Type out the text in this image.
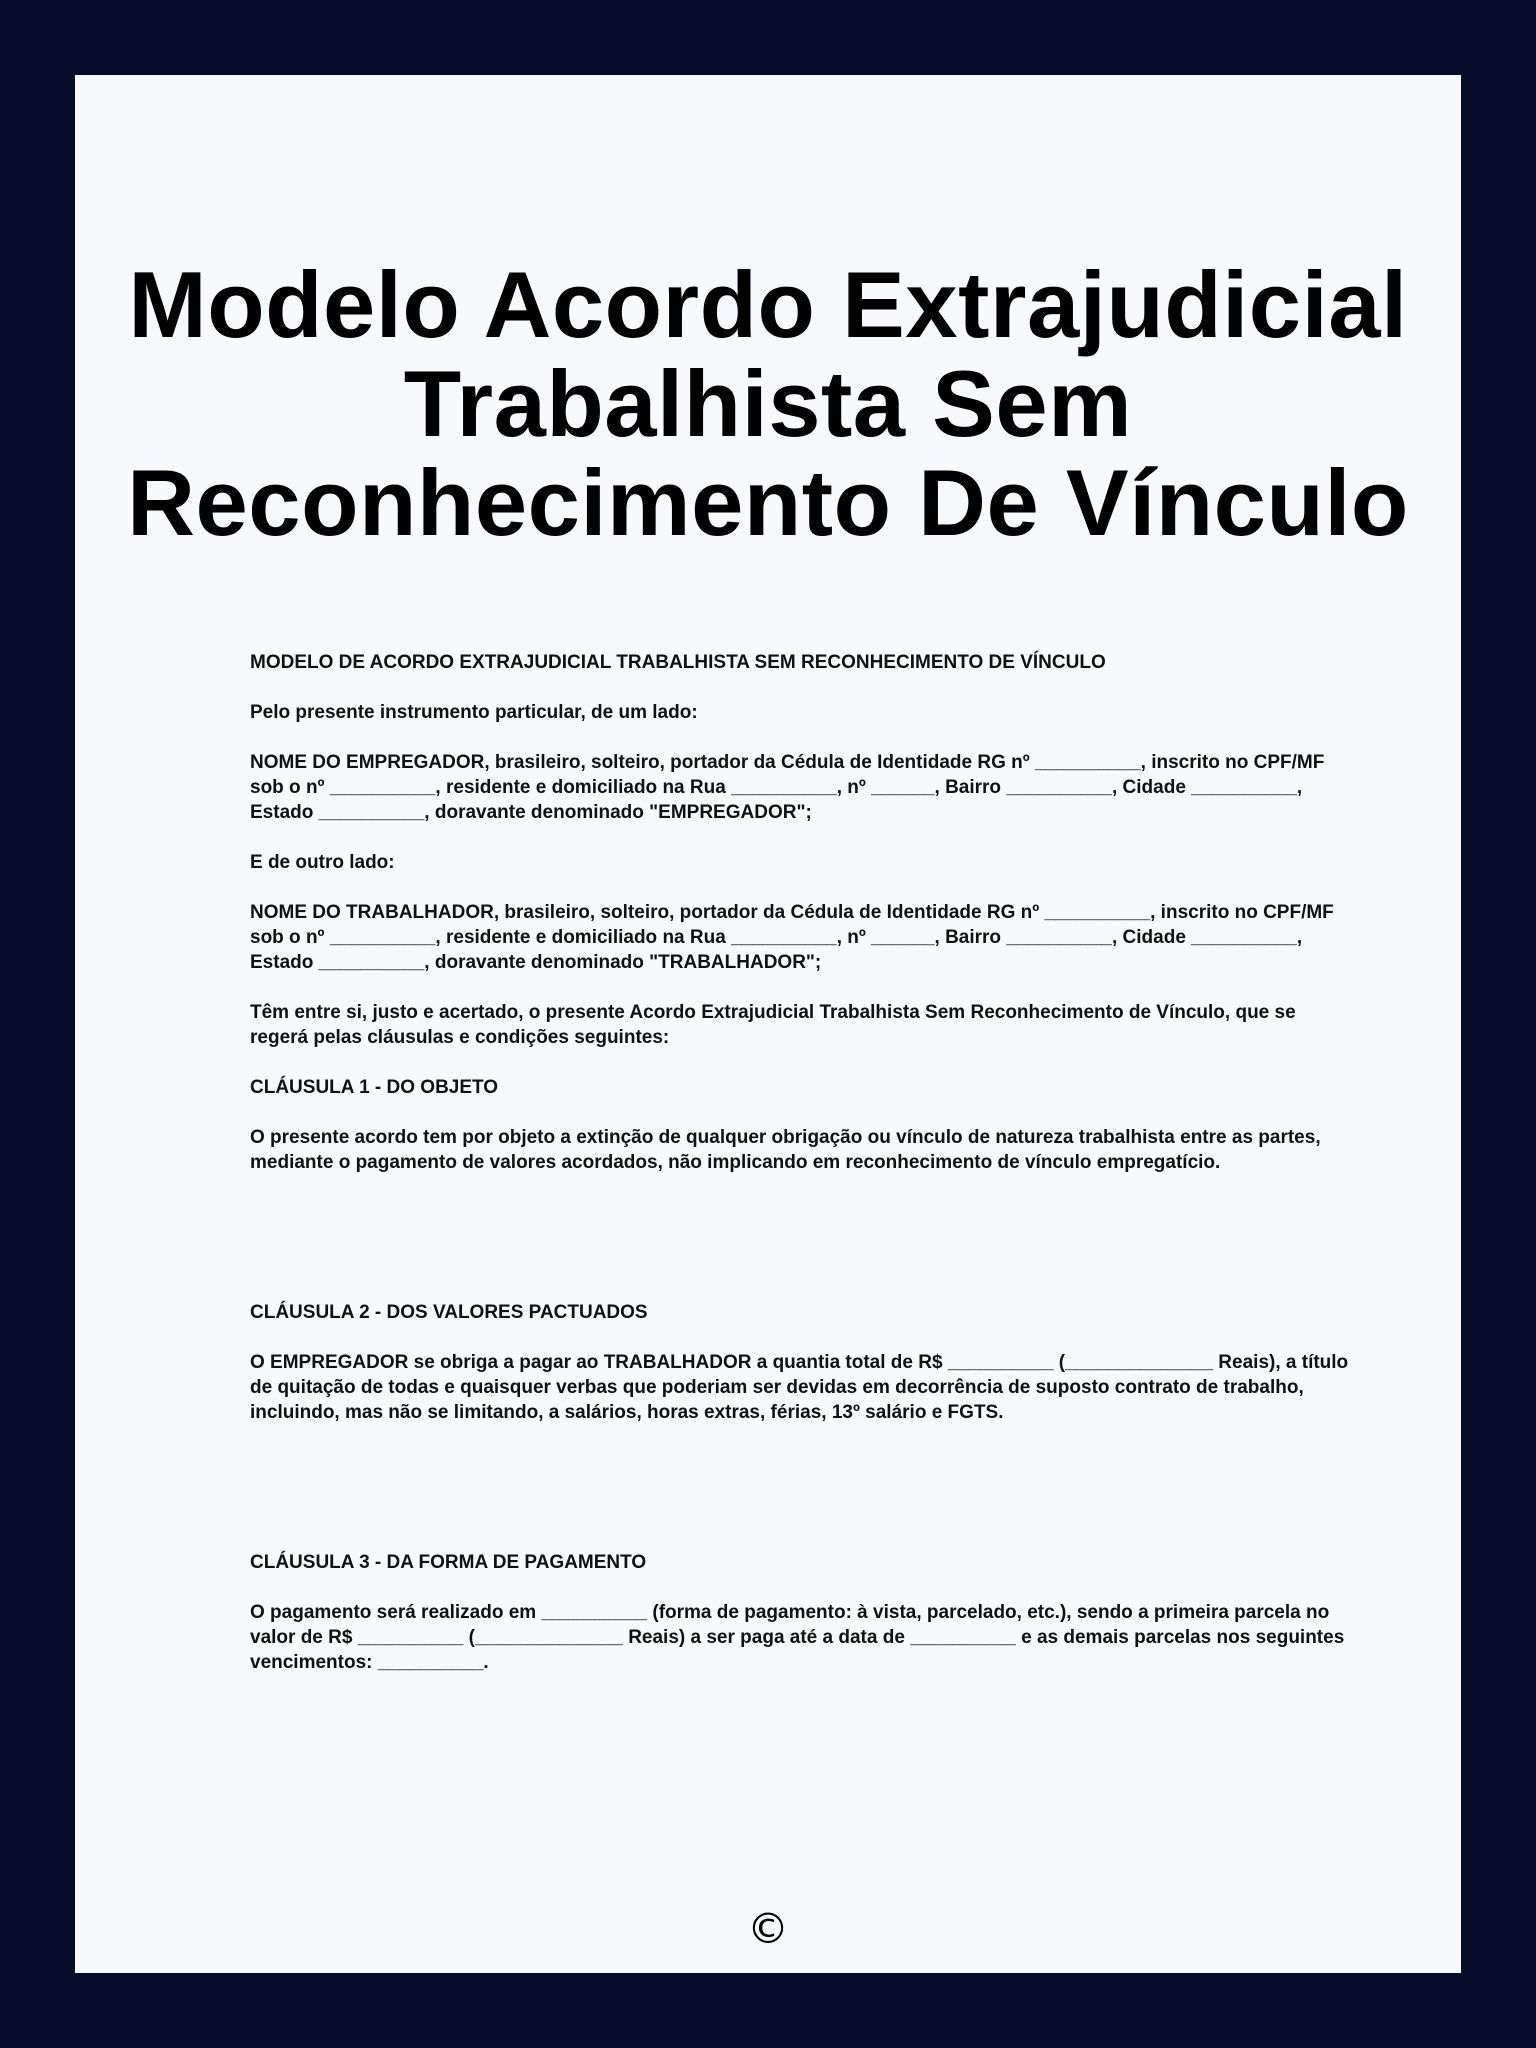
Modelo Acordo Extrajudicial Trabalhista Sem Reconhecimento De Vínculo

MODELO DE ACORDO EXTRAJUDICIAL TRABALHISTA SEM RECONHECIMENTO DE VÍNCULO

Pelo presente instrumento particular, de um lado:

NOME DO EMPREGADOR, brasileiro, solteiro, portador da Cédula de Identidade RG nº __________, inscrito no CPF/MF sob o nº __________, residente e domiciliado na Rua __________, nº ______, Bairro __________, Cidade __________, Estado __________, doravante denominado "EMPREGADOR";

E de outro lado:

NOME DO TRABALHADOR, brasileiro, solteiro, portador da Cédula de Identidade RG nº __________, inscrito no CPF/MF sob o nº __________, residente e domiciliado na Rua __________, nº ______, Bairro __________, Cidade __________, Estado __________, doravante denominado "TRABALHADOR";

Têm entre si, justo e acertado, o presente Acordo Extrajudicial Trabalhista Sem Reconhecimento de Vínculo, que se regerá pelas cláusulas e condições seguintes:

CLÁUSULA 1 - DO OBJETO

O presente acordo tem por objeto a extinção de qualquer obrigação ou vínculo de natureza trabalhista entre as partes, mediante o pagamento de valores acordados, não implicando em reconhecimento de vínculo empregatício.

CLÁUSULA 2 - DOS VALORES PACTUADOS

O EMPREGADOR se obriga a pagar ao TRABALHADOR a quantia total de R$ __________ (______________ Reais), a título de quitação de todas e quaisquer verbas que poderiam ser devidas em decorrência de suposto contrato de trabalho, incluindo, mas não se limitando, a salários, horas extras, férias, 13º salário e FGTS.

CLÁUSULA 3 - DA FORMA DE PAGAMENTO

O pagamento será realizado em __________ (forma de pagamento: à vista, parcelado, etc.), sendo a primeira parcela no valor de R$ __________ (______________ Reais) a ser paga até a data de __________ e as demais parcelas nos seguintes vencimentos: __________.

©
